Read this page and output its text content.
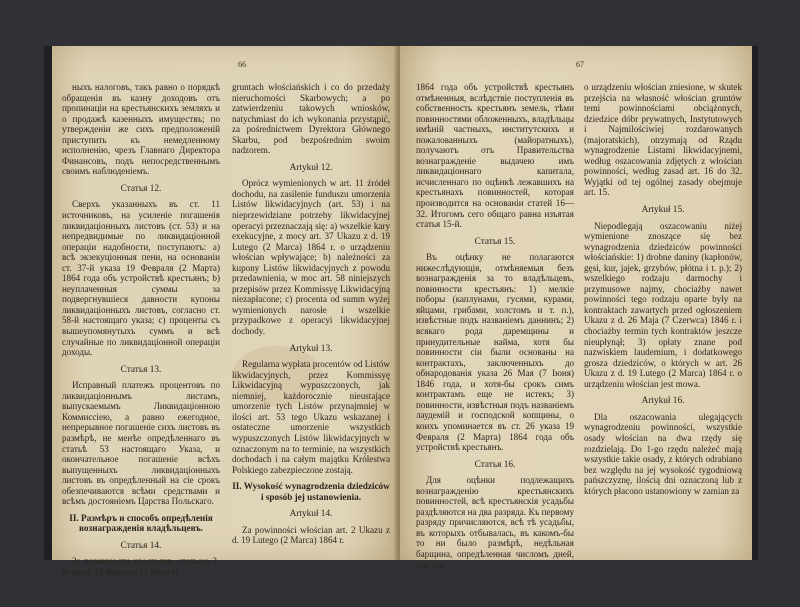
66

ныхъ налоговъ, такъ равно о порядкѣ обращенія въ казну доходовъ отъ пропинаціи на крестьянскихъ земляхъ и о продажѣ казенныхъ имуществъ; по утвержденіи же сихъ предположеній приступить къ немедленному исполненію, чрезъ Главнаго Директора Финансовъ, подъ непосредственнымъ своимъ наблюденіемъ.

Статья 12.

Сверхъ указанныхъ въ ст. 11 источниковъ, на усиленіе погашенія ликвидаціонныхъ листовъ (ст. 53) и на непредвидимые по ликвидаціонной операціи надобности, поступаютъ: а) всѣ экзекуціонныя пени, на основаніи ст. 37-й указа 19 Февраля (2 Марта) 1864 года объ устройствѣ крестьянъ; b) неуплаченныя суммы за подвергнувшіеся давности купоны ликвидаціонныхъ листовъ, согласно ст. 58-й настоящаго указа; с) проценты съ вышеупомянутыхъ суммъ и всѣ случайные по ликвидаціонной операціи доходы.

Статья 13.

Исправный платежъ процентовъ по ликвидаціоннымъ листамъ, выпускаемымъ Ликвидаціонною Коммиссіею, а равно ежегодное, непрерывное погашеніе сихъ листовъ въ размѣрѣ, не менѣе опредѣленнаго въ статьѣ 53 настоящаго Указа, и окончательное погашеніе всѣхъ выпущенныхъ ликвидаціонныхъ листовъ въ опредѣленный на сіе срокъ обезпечиваются всѣми средствами и всѣмъ достояніемъ Царства Польскаго.

II. Размѣръ и способъ опредѣленія вознагражденія владѣльцевъ.

Статья 14.

За повинности крестьянъ, статьею 2-ю указа 19 Февраля (2 Марта)

gruntach włościańskich i co do przedaży nieruchomości Skarbowych; a po zatwierdzeniu takowych wniosków, natychmiast do ich wykonania przystąpić, za pośrednictwem Dyrektora Głównego Skarbu, pod bezpośrednim swoim nadzorem.

Artykuł 12.

Oprócz wymienionych w art. 11 źródeł dochodu, na zasilenie funduszu umorzenia Listów likwidacyjnych (art. 53) i na nieprzewidziane potrzeby likwidacyjnej operacyi przeznaczają się: a) wszelkie kary exekucyjne, z mocy art. 37 Ukazu z d. 19 Lutego (2 Marca) 1864 r. o urządzeniu włościan wpływające; b) należności za kupony Listów likwidacyjnych z powodu przedawnienia, w moc art. 58 niniejszych przepisów przez Kommissyę Likwidacyjną niezapłacone; c) procenta od summ wyżej wymienionych narosłe i wszelkie przypadkowe z operacyi likwidacyjnej dochody.

Artykuł 13.

Regularna wypłata procentów od Listów likwidacyjnych, przez Kommissyę Likwidacyjną wypuszczonych, jak niemniej, każdorocznie nieustające umorzenie tych Listów przynajmniej w ilości art. 53 tego Ukazu wskazanej i ostateczne umorzenie wszystkich wypuszczonych Listów likwidacyjnych w oznaczonym na to terminie, na wszystkich dochodach i na całym majątku Królestwa Polskiego zabezpieczone zostają.

II. Wysokość wynagrodzenia dziedziców i sposób jej ustanowienia.

Artykuł 14.

Za powinności włościan art. 2 Ukazu z d. 19 Lutego (2 Marca) 1864 r.

67

1864 года объ устройствѣ крестьянъ отмѣненныя, вслѣдствіе поступленія въ собственность крестьянъ земель, тѣми повинностями обложенныхъ, владѣльцы имѣній частныхъ, институтскихъ и пожалованныхъ (майоратныхъ), получаютъ отъ Правительства вознагражденіе выдачею имъ ликвидаціоннаго капитала, исчисленнаго по оцѣнкѣ лежавшихъ на крестьянахъ повинностей, которая производится на основаніи статей 16—32. Итогомъ сего общаго равна изъятая статья 15-й.

Статья 15.

Въ оцѣнку не полагаются нижеслѣдующія, отмѣняемыя безъ вознагражденія за то владѣльцевъ, повинности крестьянъ: 1) мелкіе поборы (каплунами, гусями, курами, яйцами, грибами, холстомъ и т. п.), извѣстные подъ названіемъ даннинъ; 2) всякаго рода даремщины и принудительные найма, хотя бы повинности сіи были основаны на контрактахъ, заключенныхъ до обнародованія указа 26 Мая (7 Іюня) 1846 года, и хотя-бы срокъ симъ контрактамъ еще не истекъ; 3) повинности, извѣстныя подъ названіемъ лаудемій и господской копщины, о коихъ упоминается въ ст. 26 указа 19 Февраля (2 Марта) 1864 года объ устройствѣ крестьянъ.

Статья 16.

Для оцѣнки подлежащихъ вознагражденію крестьянскихъ повинностей, всѣ крестьянскія усадьбы раздѣляются на два разряда. Къ первому разряду причисляются, всѣ тѣ усадьбы, въ которыхъ отбывалась, въ какомъ-бы то ни было размѣрѣ, недѣльная барщина, опредѣленная числомъ дней, или уп-

o urządzeniu włościan zniesione, w skutek przejścia na własność włościan gruntów temi powinnościami obciążonych, dziedzice dóbr prywatnych, Instytutowych i Najmilościwiej rozdarowanych (majoratskich), otrzymają od Rządu wynagrodzenie Listami likwidacyjnemi, według oszacowania zdjętych z włościan powinności, według zasad art. 16 do 32. Wyjątki od tej ogólnej zasady obejmuje art. 15.

Artykuł 15.

Niepodlegają oszacowaniu niżej wymienione znoszące się bez wynagrodzenia dziedziców powinności włościańskie: 1) drobne daniny (kapłonów, gęsi, kur, jajek, grzybów, płótna i t. p.); 2) wszelkiego rodzaju darmochy i przymusowe najmy, chociażby nawet powinności tego rodzaju oparte były na kontraktach zawartych przed ogłoszeniem Ukazu z d. 26 Maja (7 Czerwca) 1846 r. i chociażby termin tych kontraktów jeszcze nieupłynął; 3) opłaty znane pod nazwiskiem laudemium, i dodatkowego grosza dziedziców, o których w art. 26 Ukazu z d. 19 Lutego (2 Marca) 1864 r. o urządzeniu włościan jest mowa.

Artykuł 16.

Dla oszacowania ulegających wynagrodzeniu powinności, wszystkie osady włościan na dwa rzędy się rozdzielają. Do 1-go rzędu należeć mają wszystkie takie osady, z których odrabiano bez względu na jej wysokość tygodniową pańszczyznę, ilością dni oznaczoną lub z których płacono ustanowiony w zamian za
